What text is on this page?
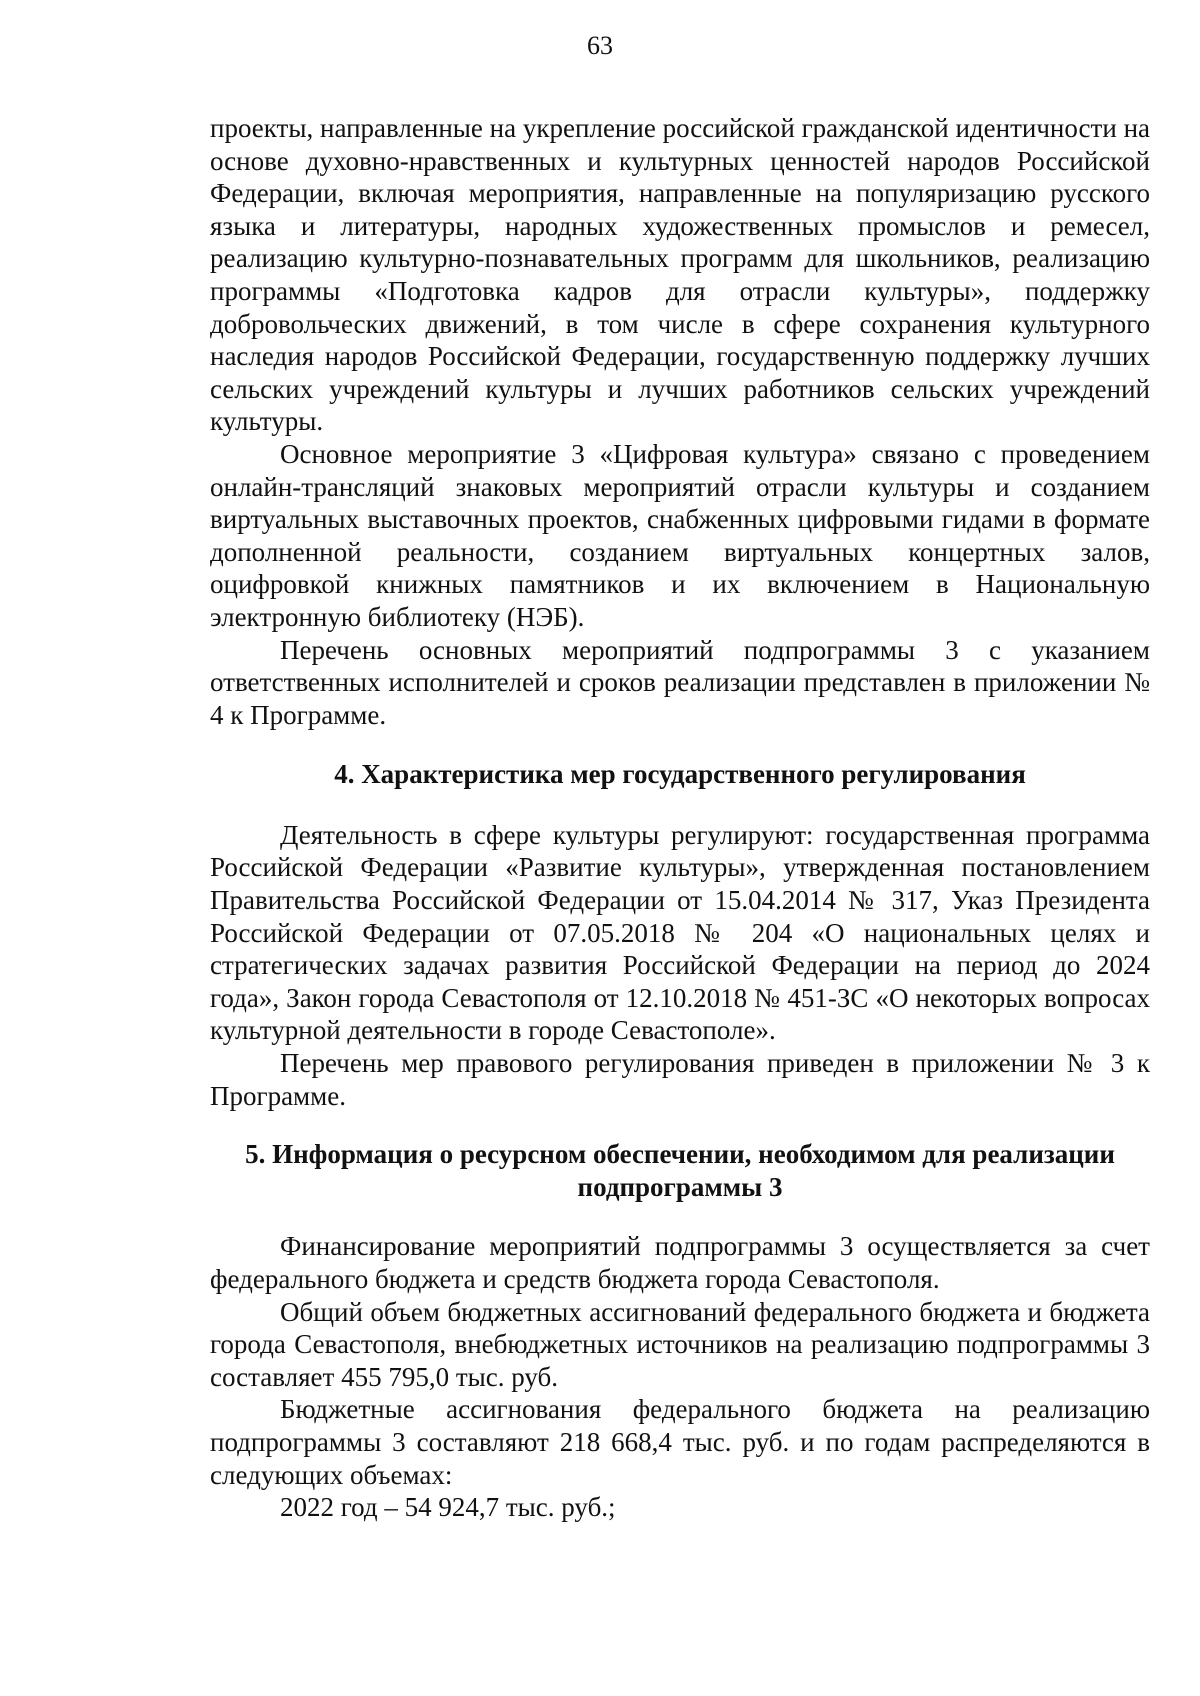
63

проекты, направленные на укрепление российской гражданской идентичности на основе духовно-нравственных и культурных ценностей народов Российской Федерации, включая мероприятия, направленные на популяризацию русского языка и литературы, народных художественных промыслов и ремесел, реализацию культурно-познавательных программ для школьников, реализацию программы «Подготовка кадров для отрасли культуры», поддержку добровольческих движений, в том числе в сфере сохранения культурного наследия народов Российской Федерации, государственную поддержку лучших сельских учреждений культуры и лучших работников сельских учреждений культуры.

Основное мероприятие 3 «Цифровая культура» связано с проведением онлайн-трансляций знаковых мероприятий отрасли культуры и созданием виртуальных выставочных проектов, снабженных цифровыми гидами в формате дополненной реальности, созданием виртуальных концертных залов, оцифровкой книжных памятников и их включением в Национальную электронную библиотеку (НЭБ).

Перечень основных мероприятий подпрограммы 3 с указанием ответственных исполнителей и сроков реализации представлен в приложении № 4 к Программе.

4. Характеристика мер государственного регулирования

Деятельность в сфере культуры регулируют: государственная программа Российской Федерации «Развитие культуры», утвержденная постановлением Правительства Российской Федерации от 15.04.2014 № 317, Указ Президента Российской Федерации от 07.05.2018 № 204 «О национальных целях и стратегических задачах развития Российской Федерации на период до 2024 года», Закон города Севастополя от 12.10.2018 № 451-ЗС «О некоторых вопросах культурной деятельности в городе Севастополе».

Перечень мер правового регулирования приведен в приложении № 3 к Программе.

5. Информация о ресурсном обеспечении, необходимом для реализации подпрограммы 3

Финансирование мероприятий подпрограммы 3 осуществляется за счет федерального бюджета и средств бюджета города Севастополя.

Общий объем бюджетных ассигнований федерального бюджета и бюджета города Севастополя, внебюджетных источников на реализацию подпрограммы 3 составляет 455 795,0 тыс. руб.

Бюджетные ассигнования федерального бюджета на реализацию подпрограммы 3 составляют 218 668,4 тыс. руб. и по годам распределяются в следующих объемах:

2022 год – 54 924,7 тыс. руб.;
